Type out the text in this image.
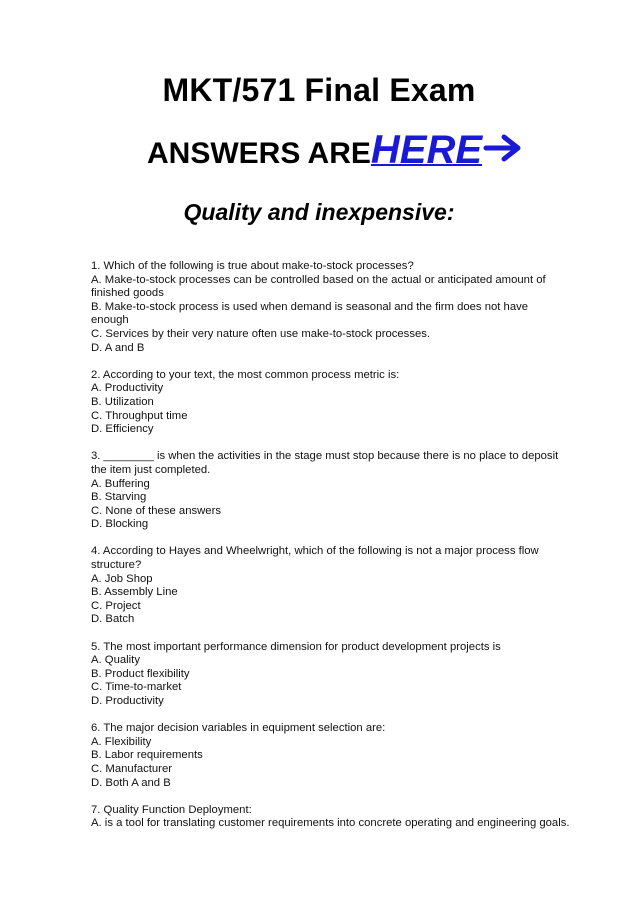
MKT/571 Final Exam
ANSWERS AREHERE
Quality and inexpensive:
1. Which of the following is true about make-to-stock processes?
A. Make-to-stock processes can be controlled based on the actual or anticipated amount of
finished goods
B. Make-to-stock process is used when demand is seasonal and the firm does not have
enough
C. Services by their very nature often use make-to-stock processes.
D. A and B
2. According to your text, the most common process metric is:
A. Productivity
B. Utilization
C. Throughput time
D. Efficiency
3. ________ is when the activities in the stage must stop because there is no place to deposit
the item just completed.
A. Buffering
B. Starving
C. None of these answers
D. Blocking
4. According to Hayes and Wheelwright, which of the following is not a major process flow
structure?
A. Job Shop
B. Assembly Line
C. Project
D. Batch
5. The most important performance dimension for product development projects is
A. Quality
B. Product flexibility
C. Time-to-market
D. Productivity
6. The major decision variables in equipment selection are:
A. Flexibility
B. Labor requirements
C. Manufacturer
D. Both A and B
7. Quality Function Deployment:
A. is a tool for translating customer requirements into concrete operating and engineering goals.
